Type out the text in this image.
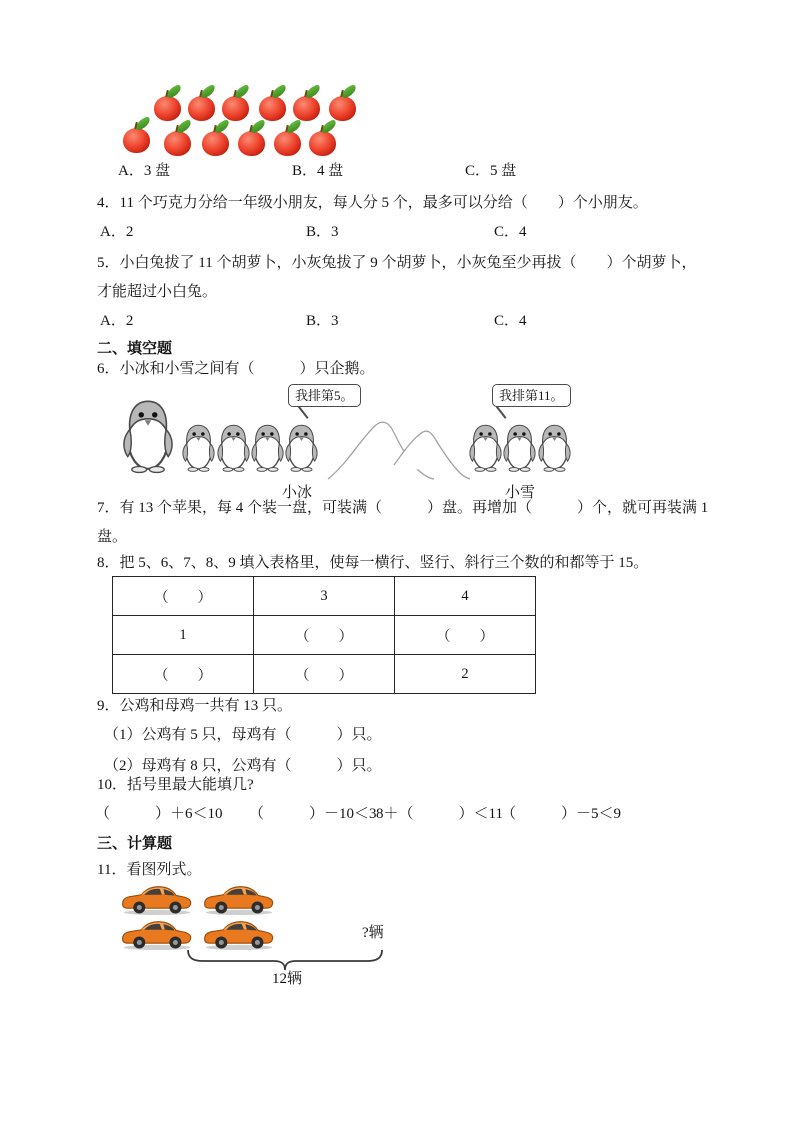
A．3 盘	B．4 盘	C．5 盘
4．11 个巧克力分给一年级小朋友，每人分 5 个，最多可以分给（　　）个小朋友。
A．2	B．3	C．4
5．小白兔拔了 11 个胡萝卜，小灰兔拔了 9 个胡萝卜，小灰兔至少再拔（　　）个胡萝卜，
才能超过小白兔。
A．2	B．3	C．4
二、填空题
6．小冰和小雪之间有（　　　）只企鹅。
我排第5。	我排第11。
小冰	小雪
7．有 13 个苹果，每 4 个装一盘，可装满（　　　）盘。再增加（　　　）个，就可再装满 1
盘。
8．把 5、6、7、8、9 填入表格里，使每一横行、竖行、斜行三个数的和都等于 15。
（　　）	3	4
1	（　　）	（　　）
（　　）	（　　）	2
9．公鸡和母鸡一共有 13 只。
（1）公鸡有 5 只，母鸡有（　　　）只。
（2）母鸡有 8 只，公鸡有（　　　）只。
10．括号里最大能填几?
（　　　）＋6＜10 （　　　）－10＜3 8＋（　　　）＜11
（　　　）－5＜9
三、计算题
11．看图列式。
?辆
12辆
